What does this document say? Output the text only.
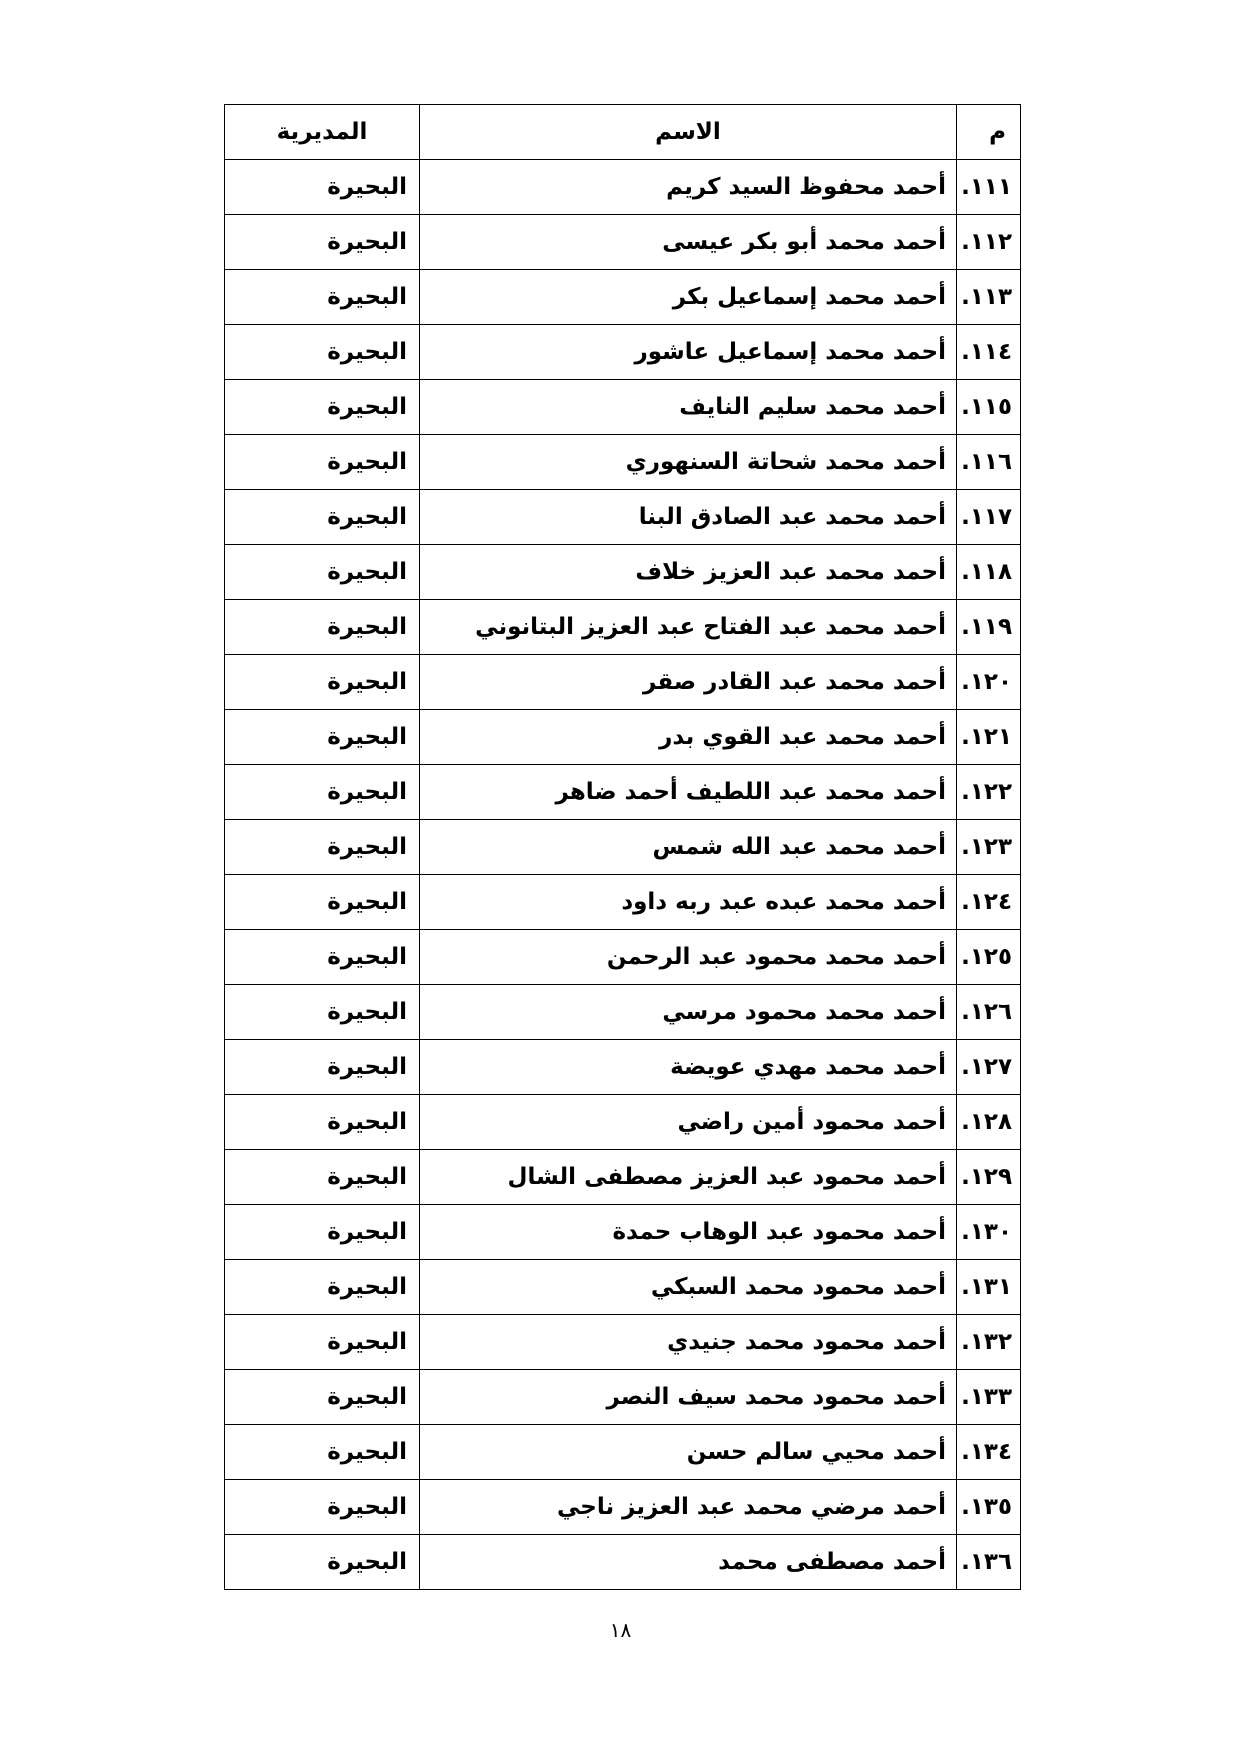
م	الاسم	المديرية
١١١.	أحمد محفوظ السيد كريم	البحيرة
١١٢.	أحمد محمد أبو بكر عيسى	البحيرة
١١٣.	أحمد محمد إسماعيل بكر	البحيرة
١١٤.	أحمد محمد إسماعيل عاشور	البحيرة
١١٥.	أحمد محمد سليم النايف	البحيرة
١١٦.	أحمد محمد شحاتة السنهوري	البحيرة
١١٧.	أحمد محمد عبد الصادق البنا	البحيرة
١١٨.	أحمد محمد عبد العزيز خلاف	البحيرة
١١٩.	أحمد محمد عبد الفتاح عبد العزيز البتانوني	البحيرة
١٢٠.	أحمد محمد عبد القادر صقر	البحيرة
١٢١.	أحمد محمد عبد القوي بدر	البحيرة
١٢٢.	أحمد محمد عبد اللطيف أحمد ضاهر	البحيرة
١٢٣.	أحمد محمد عبد الله شمس	البحيرة
١٢٤.	أحمد محمد عبده عبد ربه داود	البحيرة
١٢٥.	أحمد محمد محمود عبد الرحمن	البحيرة
١٢٦.	أحمد محمد محمود مرسي	البحيرة
١٢٧.	أحمد محمد مهدي عويضة	البحيرة
١٢٨.	أحمد محمود أمين راضي	البحيرة
١٢٩.	أحمد محمود عبد العزيز مصطفى الشال	البحيرة
١٣٠.	أحمد محمود عبد الوهاب حمدة	البحيرة
١٣١.	أحمد محمود محمد السبكي	البحيرة
١٣٢.	أحمد محمود محمد جنيدي	البحيرة
١٣٣.	أحمد محمود محمد سيف النصر	البحيرة
١٣٤.	أحمد محيي سالم حسن	البحيرة
١٣٥.	أحمد مرضي محمد عبد العزيز ناجي	البحيرة
١٣٦.	أحمد مصطفى محمد	البحيرة
١٨
